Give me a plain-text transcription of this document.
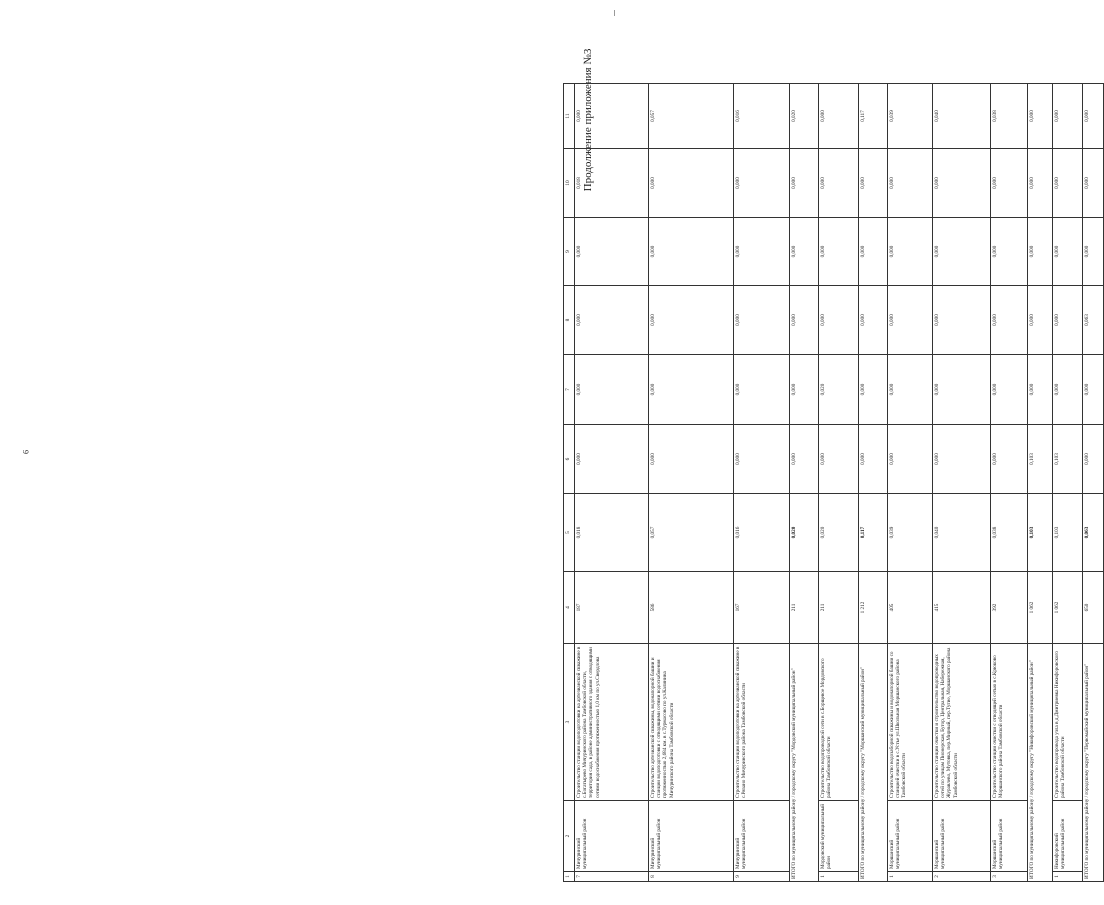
6
Продолжение приложения №3
1	2	3	4	5	6	7	8	9	10	11
7	Мичуринский муниципальный район	Строительство станции водоподготовки на артезианской скважине в с.Богатырево Мичуринского района Тамбовской области, территория сада, в районе административного здания с отводящими сетями водоснабжения протяженностью 1,0 км по ул.Свердлова	187	0,018	0,000	0,000	0,000	0,000	0,018	0,000
8	Мичуринский муниципальный район	Строительство артезианской скважины, водонапорной башни и станции водоподготовки с отводящими сетями водоснабжения протяженностью 2,684 км. в с.Турмасово по ул.Калинина Мичуринского района Тамбовской области	586	0,057	0,000	0,000	0,000	0,000	0,000	0,057
9	Мичуринский муниципальный район	Строительство станции водоподготовки на артезианской скважине в с.Рязано Мичуринского района Тамбовской области	167	0,016	0,000	0,000	0,000	0,000	0,000	0,016
ИТОГО по муниципальному району / городскому округу "Мордовский муниципальный район"			211	0,020	0,000	0,000	0,000	0,000	0,000	0,020
1	Мордовский муниципальный район	Строительство водопроводной сети в с.Борщевое Мордовского района Тамбовской области	211	0,020	0,000	0,020	0,000	0,000	0,000	0,000
ИТОГО по муниципальному району / городскому округу "Моршанский муниципальный район"			1 212	0,117	0,000	0,000	0,000	0,000	0,000	0,117
1	Моршанский муниципальный район	Строительство водозаборной скважины и водонапорной башни со станцией очистки в с.Устье ул.Школьная Моршанского района Тамбовской области	405	0,039	0,000	0,000	0,000	0,000	0,000	0,039
2	Моршанский муниципальный район	Строительство станции очистки и строительство водопроводных сетей по улицам Пионерская, Бугор, Центральная, Набережная, Журавлево, Мутовка, пер.Мирный, пер.Тугие, Моршанского района Тамбовской области	415	0,040	0,000	0,000	0,000	0,000	0,000	0,040
3	Моршанский муниципальный район	Строительство станции очистки с отводящей сетью в с.Крюково Моршанского района Тамбовской области	392	0,038	0,000	0,000	0,000	0,000	0,000	0,038
ИТОГО по муниципальному району / городскому округу "Никифоровский муниципальный район"			1 062	0,103	0,103	0,000	0,000	0,000	0,000	0,000
1	Никифоровский муниципальный район	Строительство водопровода узла в д.Дмитриевка Никифоровского района Тамбовской области	1 062	0,103	0,103	0,000	0,000	0,000	0,000	0,000
ИТОГО по муниципальному району / городскому округу "Первомайский муниципальный район"			650	0,063	0,000	0,000	0,063	0,000	0,000	0,000
